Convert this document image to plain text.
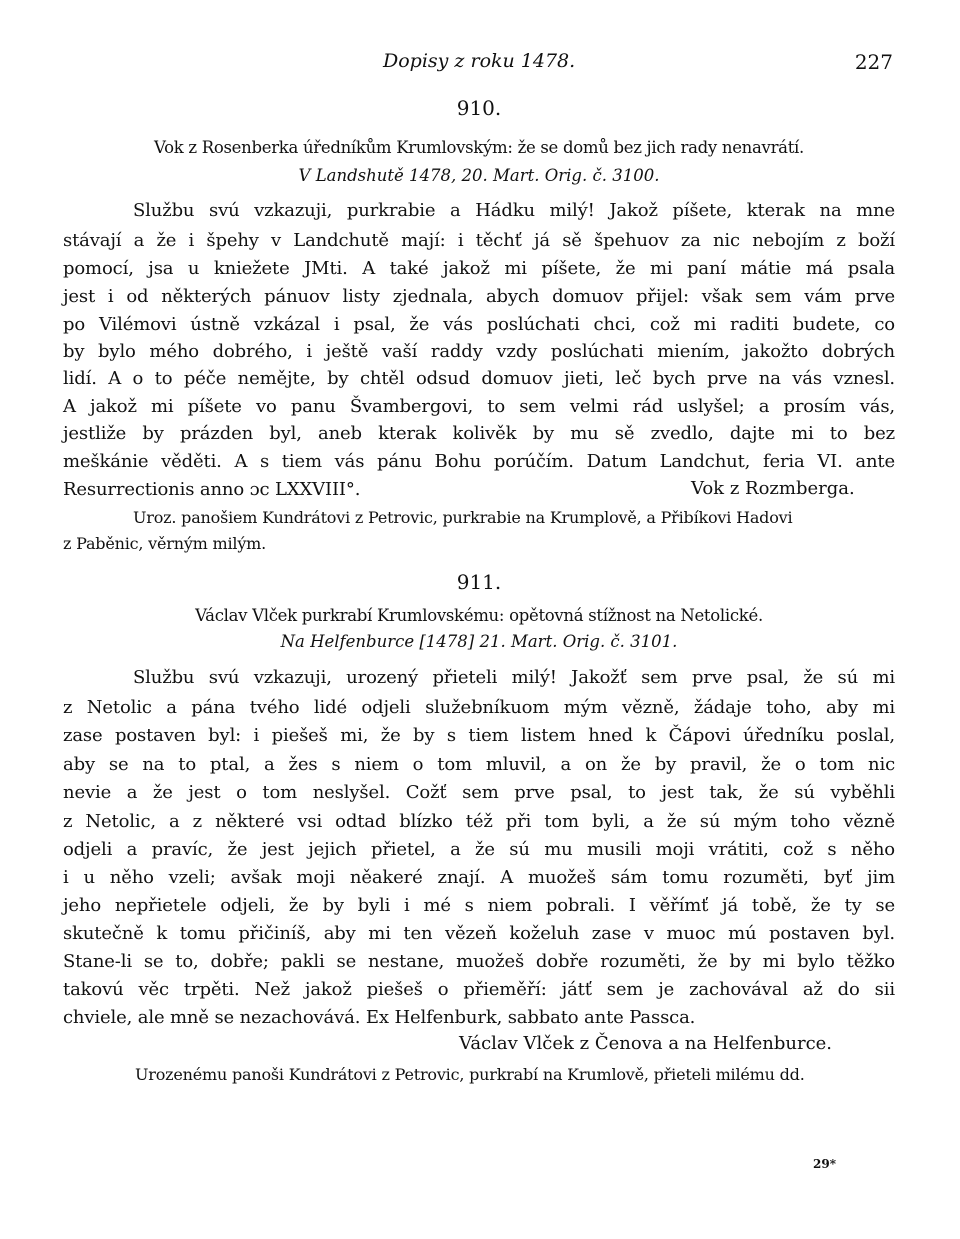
Dopisy z roku 1478.	227
910.
Vok z Rosenberka úředníkům Krumlovským: že se domů bez jich rady nenavrátí.
V Landshutě 1478, 20. Mart. Orig. č. 3100.
Službu svú vzkazuji, purkrabie a Hádku milý! Jakož píšete, kterak na mne
stávají a že i špehy v Landchutě mají: i těchť já sě špehuov za nic nebojím z boží
pomocí, jsa u kniežete JMti. A také jakož mi píšete, že mi paní mátie má psala
jest i od některých pánuov listy zjednala, abych domuov přijel: však sem vám prve
po Vilémovi ústně vzkázal i psal, že vás poslúchati chci, což mi raditi budete, co
by bylo mého dobrého, i ještě vaší raddy vzdy poslúchati miením, jakožto dobrých
lidí. A o to péče nemějte, by chtěl odsud domuov jieti, leč bych prve na vás vznesl.
A jakož mi píšete vo panu Švambergovi, to sem velmi rád uslyšel; a prosím vás,
jestliže by prázden byl, aneb kterak kolivěk by mu sě zvedlo, dajte mi to bez
meškánie věděti. A s tiem vás pánu Bohu porúčím. Datum Landchut, feria VI. ante
Resurrectionis anno ɔc LXXVIII°.	Vok z Rozmberga.
Uroz. panošiem Kundrátovi z Petrovic, purkrabie na Krumplově, a Přibíkovi Hadovi
z Paběnic, věrným milým.
911.
Václav Vlček purkrabí Krumlovskému: opětovná stížnost na Netolické.
Na Helfenburce [1478] 21. Mart. Orig. č. 3101.
Službu svú vzkazuji, urozený přieteli milý! Jakožť sem prve psal, že sú mi
z Netolic a pána tvého lidé odjeli služebníkuom mým vězně, žádaje toho, aby mi
zase postaven byl: i piešeš mi, že by s tiem listem hned k Čápovi úředníku poslal,
aby se na to ptal, a žes s niem o tom mluvil, a on že by pravil, že o tom nic
nevie a že jest o tom neslyšel. Cožť sem prve psal, to jest tak, že sú vyběhli
z Netolic, a z některé vsi odtad blízko též při tom byli, a že sú mým toho vězně
odjeli a pravíc, že jest jejich přietel, a že sú mu musili moji vrátiti, což s něho
i u něho vzeli; avšak moji něakeré znají. A muožeš sám tomu rozuměti, byť jim
jeho nepřietele odjeli, že by byli i mé s niem pobrali. I věřímť já tobě, že ty se
skutečně k tomu přičiníš, aby mi ten vězeň koželuh zase v muoc mú postaven byl.
Stane-li se to, dobře; pakli se nestane, muožeš dobře rozuměti, že by mi bylo těžko
takovú věc trpěti. Než jakož piešeš o přieměří: játť sem je zachovával až do sii
chviele, ale mně se nezachovává. Ex Helfenburk, sabbato ante Passca.
Václav Vlček z Čenova a na Helfenburce.
Urozenému panoši Kundrátovi z Petrovic, purkrabí na Krumlově, přieteli milému dd.
29*
